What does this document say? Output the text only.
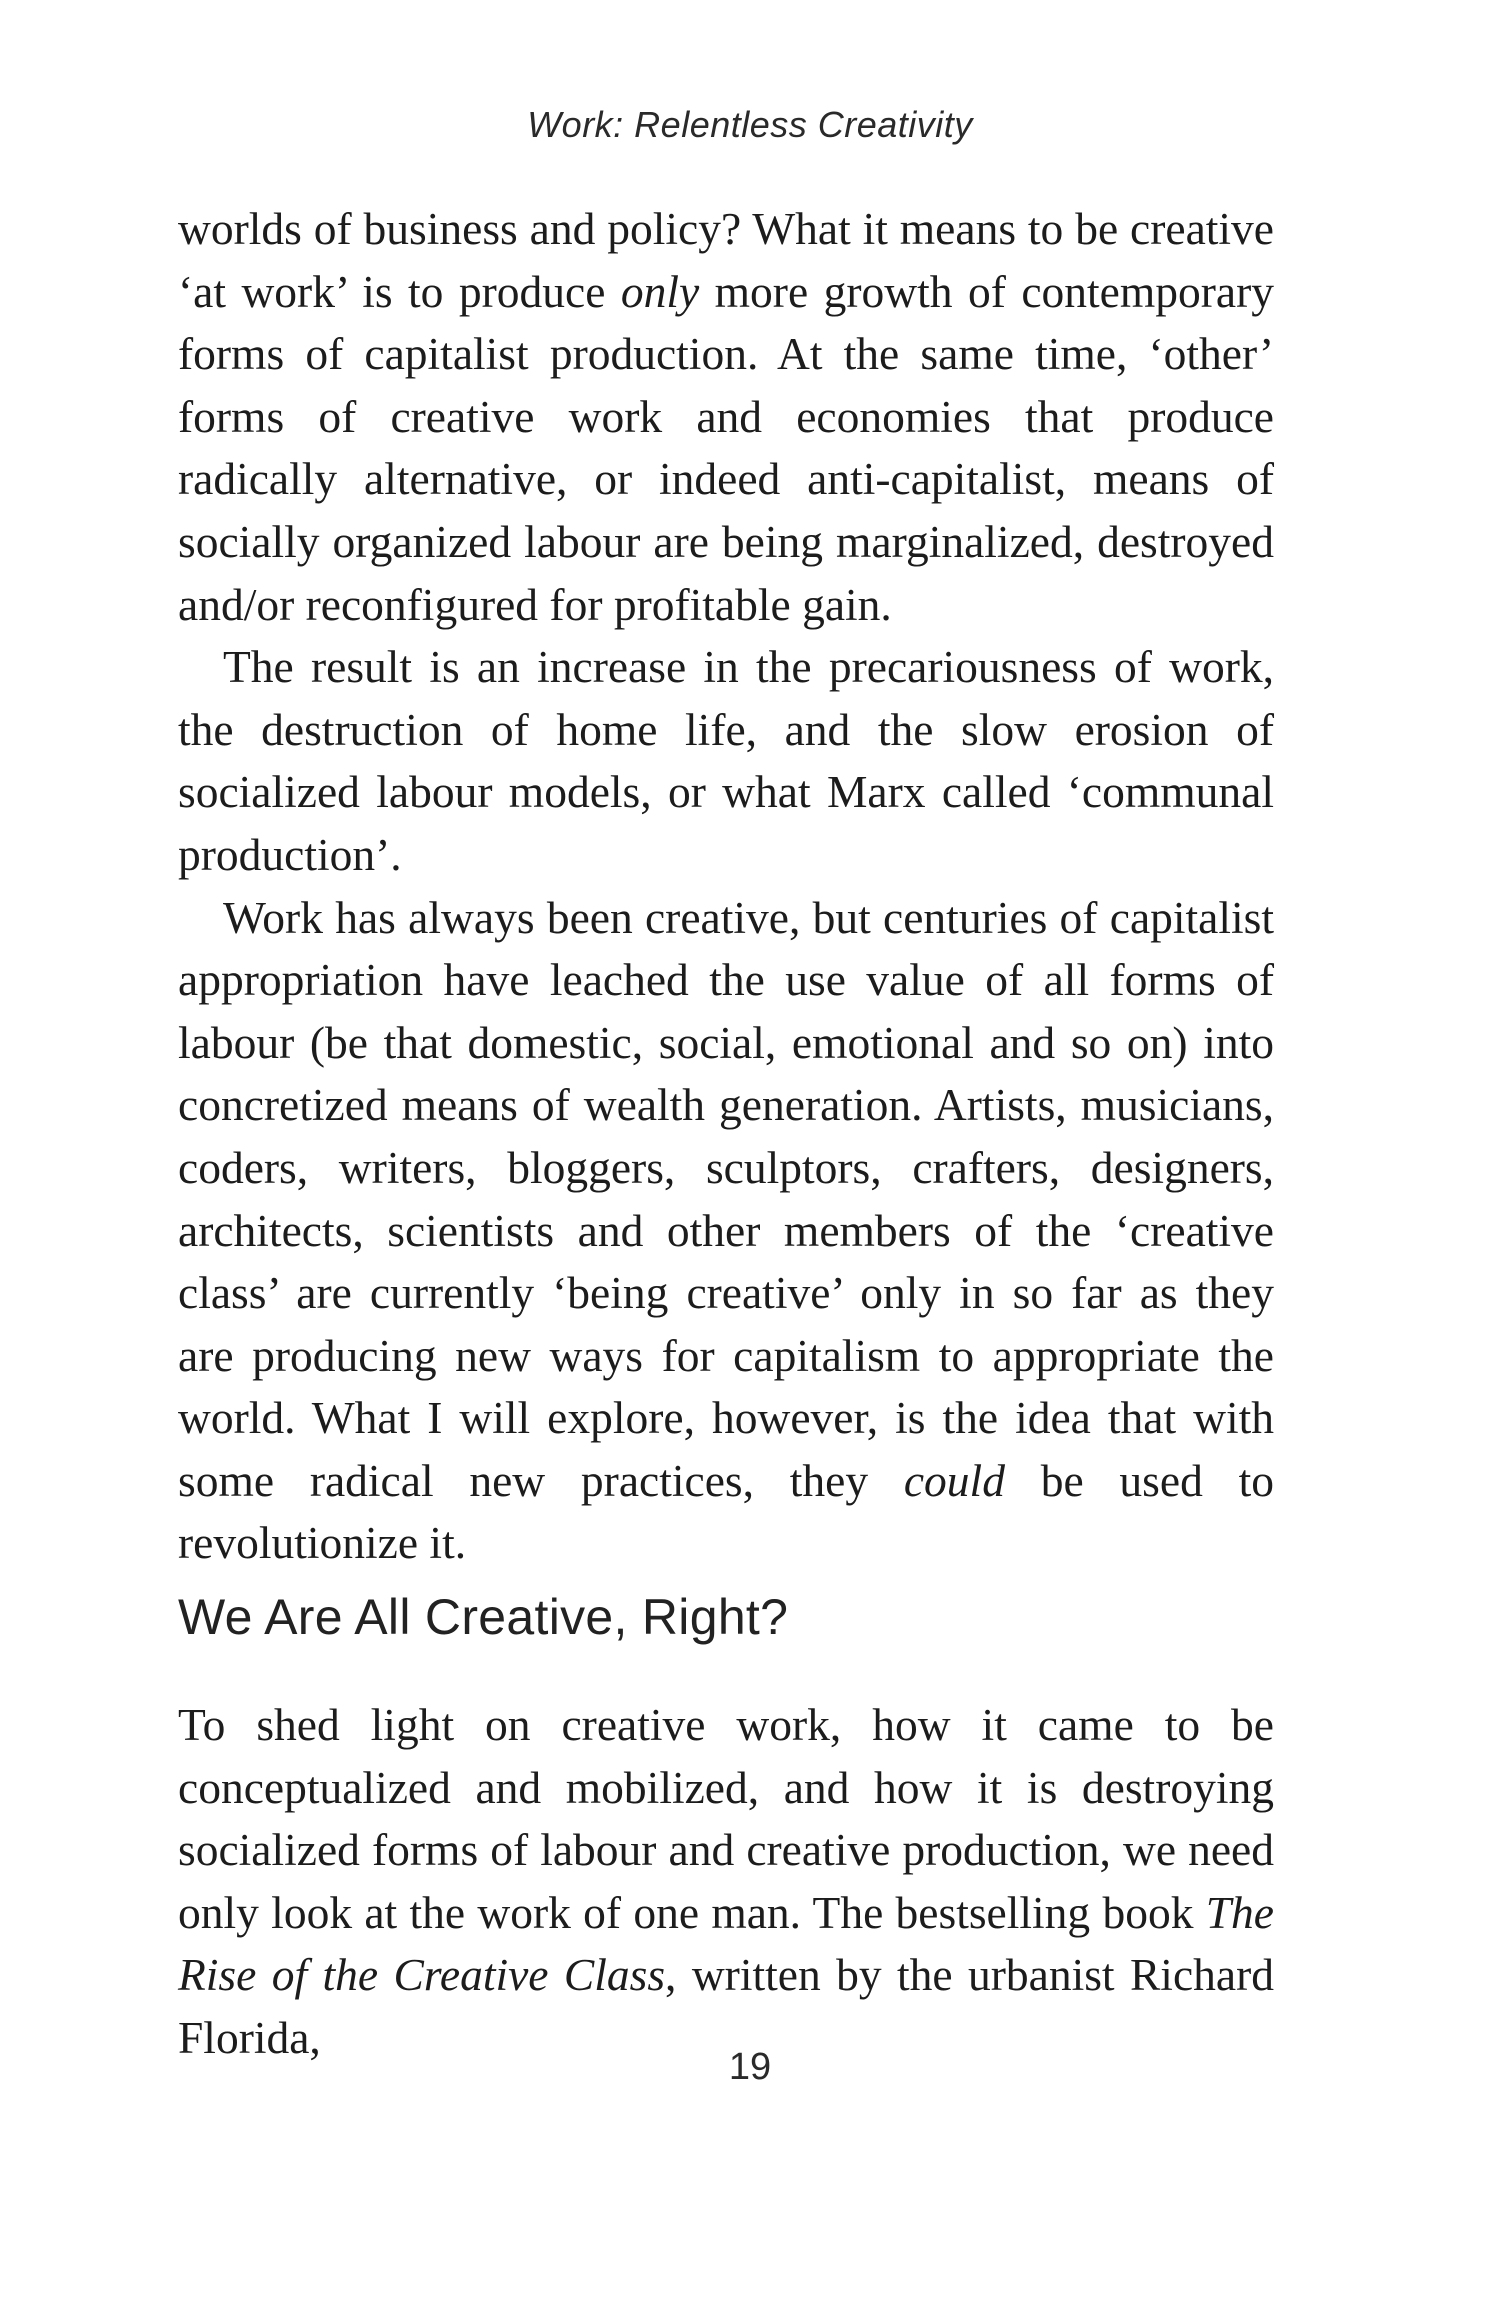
Work: Relentless Creativity

worlds of business and policy? What it means to be creative ‘at work’ is to produce only more growth of contemporary forms of capitalist production. At the same time, ‘other’ forms of creative work and economies that produce radically alternative, or indeed anti-capitalist, means of socially organized labour are being marginalized, destroyed and/or reconfigured for profitable gain.

The result is an increase in the precariousness of work, the destruction of home life, and the slow erosion of socialized labour models, or what Marx called ‘communal production’.

Work has always been creative, but centuries of capitalist appropriation have leached the use value of all forms of labour (be that domestic, social, emotional and so on) into concretized means of wealth generation. Artists, musicians, coders, writers, bloggers, sculptors, crafters, designers, architects, scientists and other members of the ‘creative class’ are currently ‘being creative’ only in so far as they are producing new ways for capitalism to appropriate the world. What I will explore, however, is the idea that with some radical new practices, they could be used to revolutionize it.

We Are All Creative, Right?

To shed light on creative work, how it came to be conceptualized and mobilized, and how it is destroying socialized forms of labour and creative production, we need only look at the work of one man. The bestselling book The Rise of the Creative Class, written by the urbanist Richard Florida,

19
